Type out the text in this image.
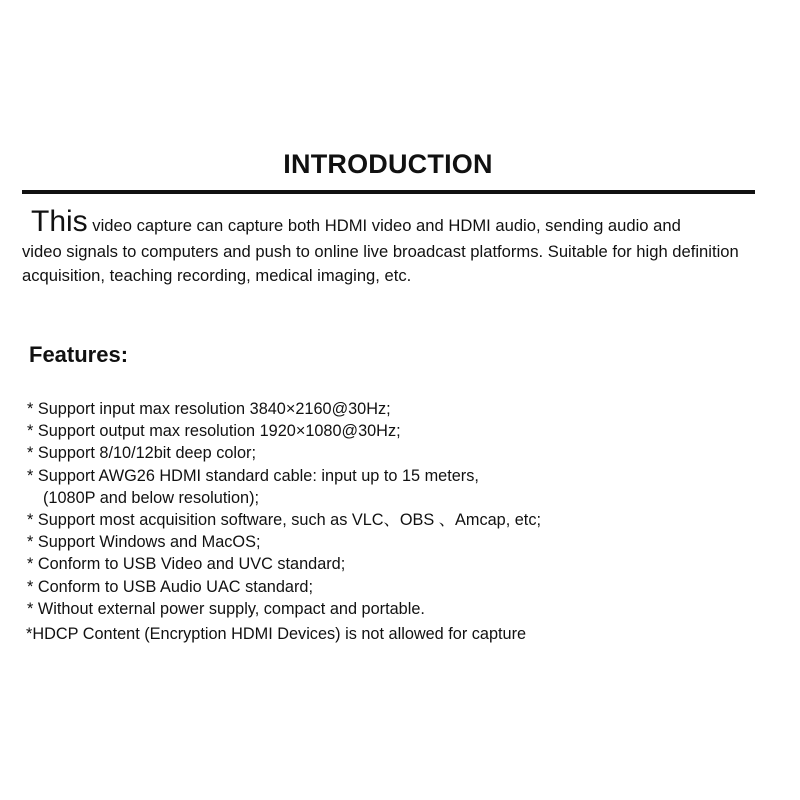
INTRODUCTION
This video capture can capture both HDMI video and HDMI audio, sending audio and
video signals to computers and push to online live broadcast platforms. Suitable for high definition
acquisition, teaching recording, medical imaging, etc.
Features:
* Support input max resolution 3840×2160@30Hz;
* Support output max resolution 1920×1080@30Hz;
* Support 8/10/12bit deep color;
* Support AWG26 HDMI standard cable: input up to 15 meters,
(1080P and below resolution);
* Support most acquisition software, such as VLC、OBS 、Amcap, etc;
* Support Windows and MacOS;
* Conform to USB Video and UVC standard;
* Conform to USB Audio UAC standard;
* Without external power supply, compact and portable.
*HDCP Content (Encryption HDMI Devices) is not allowed for capture
